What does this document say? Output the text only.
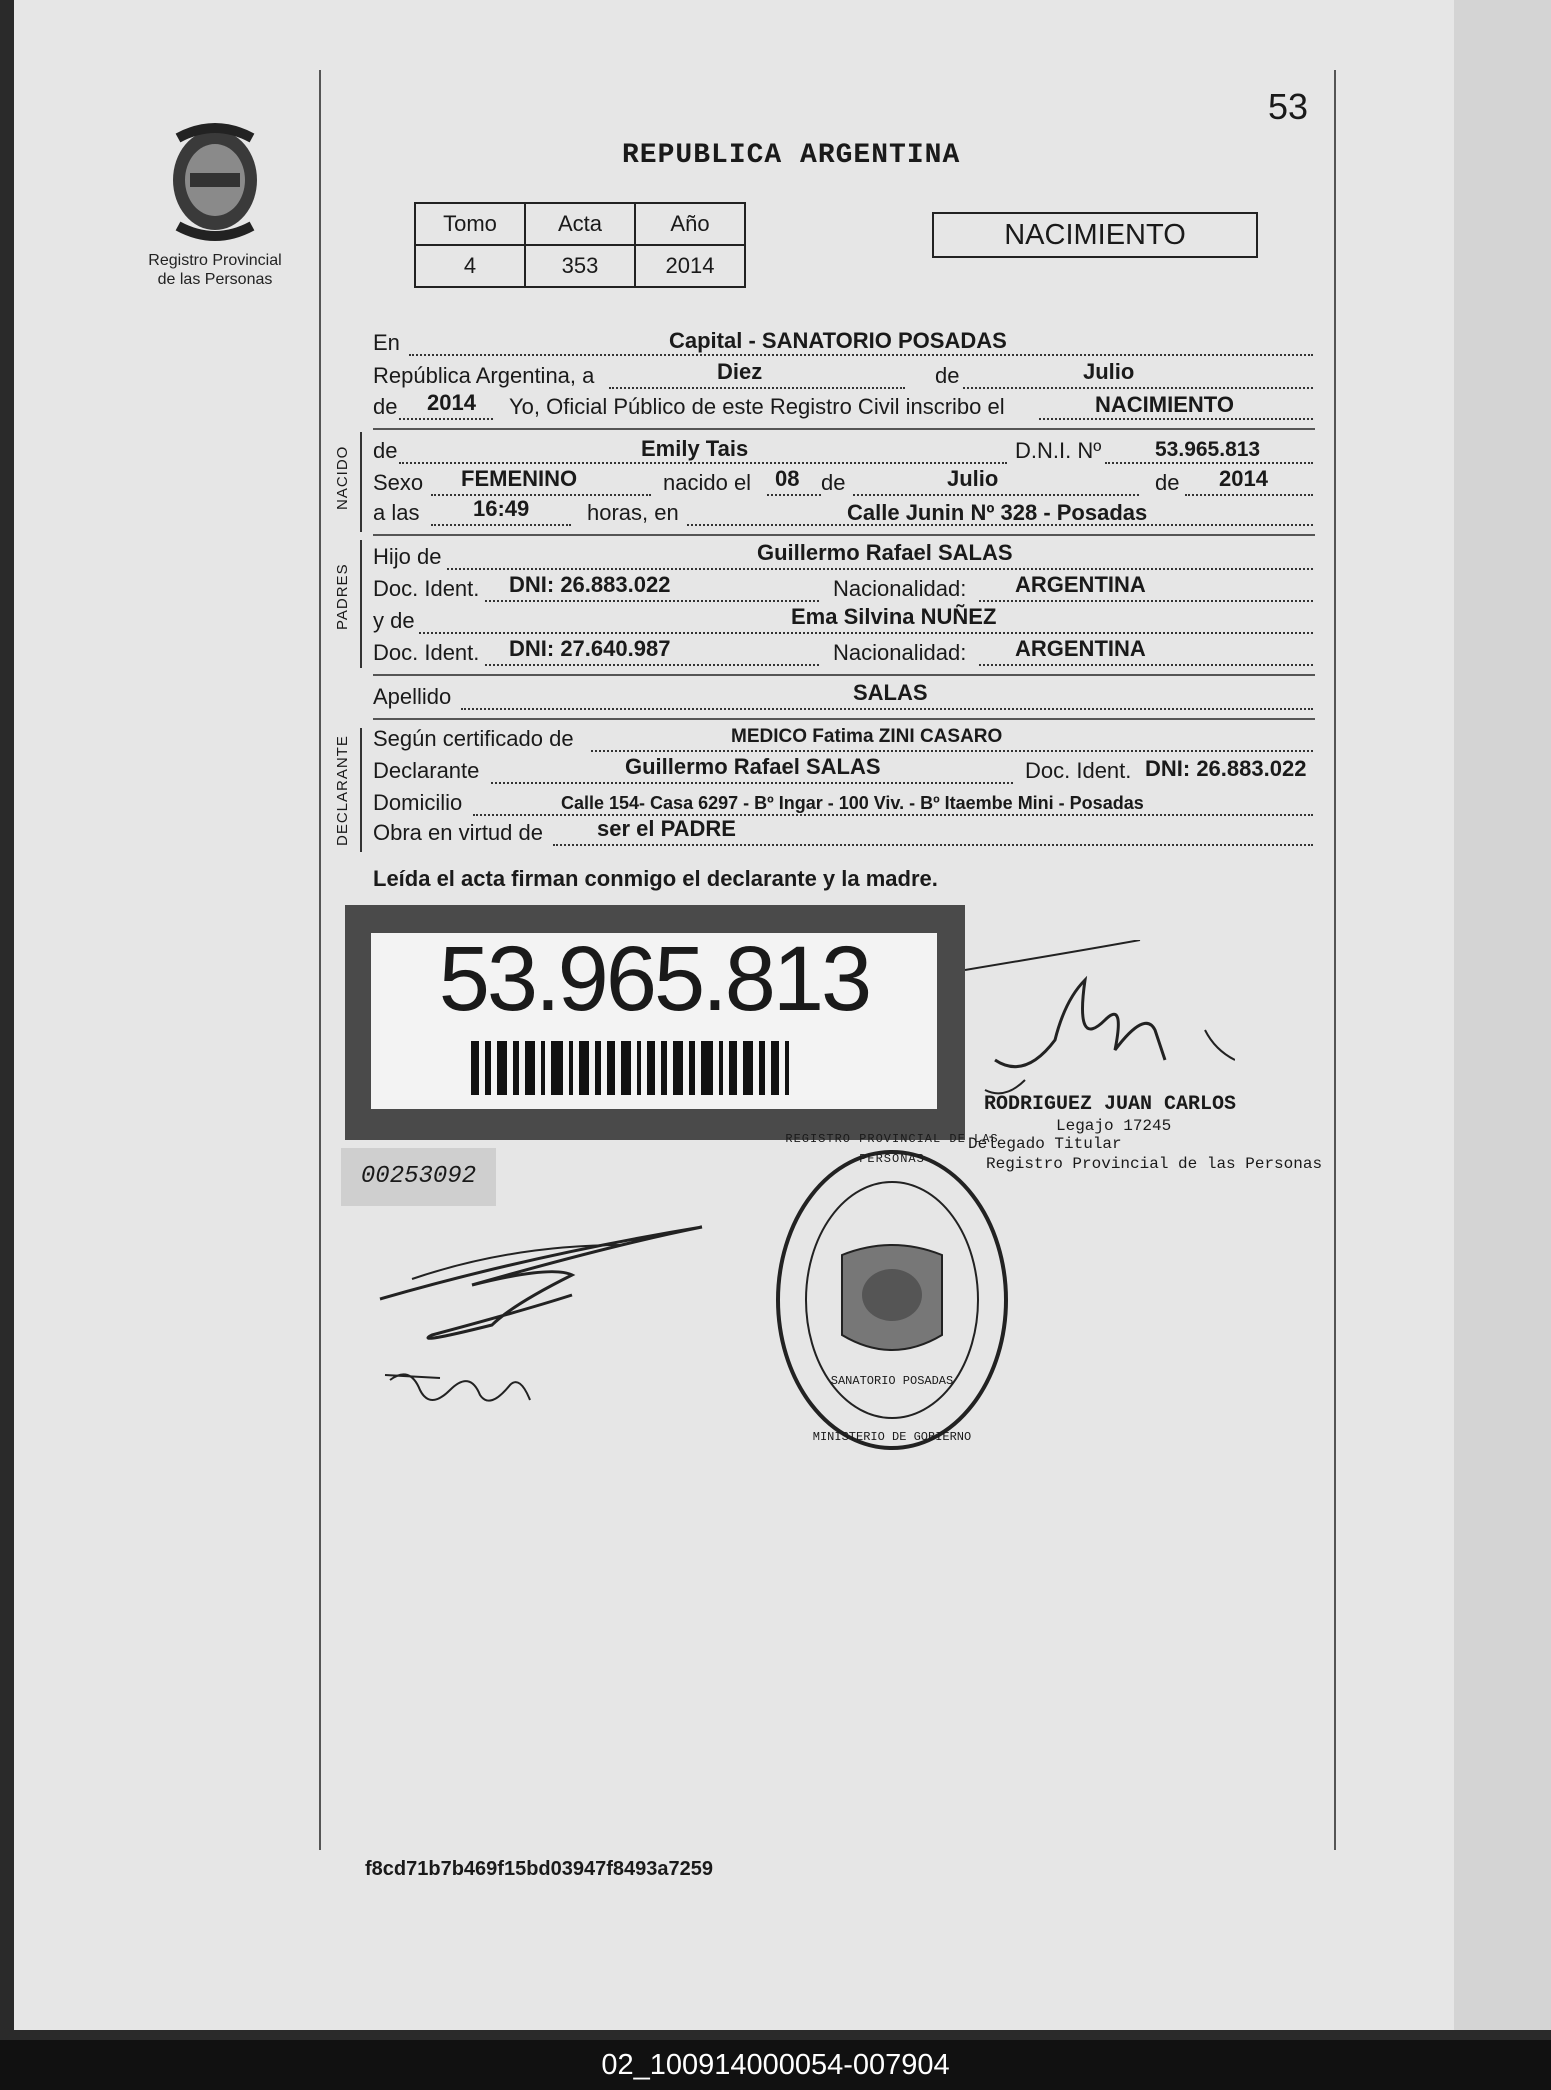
Registro Provincial
de las Personas
53
REPUBLICA ARGENTINA
Tomo	Acta	Año
4	353	2014
NACIMIENTO
En	Capital - SANATORIO POSADAS
República Argentina, a	Diez	de	Julio
de 2014 Yo, Oficial Público de este Registro Civil inscribo el	NACIMIENTO
NACIDO de	Emily Tais	D.N.I. Nº	53.965.813
Sexo FEMENINO	nacido el 08 de	Julio	de 2014
a las 16:49	horas, en	Calle Junin Nº 328 - Posadas
PADRES
Hijo de	Guillermo Rafael SALAS
Doc. Ident. DNI: 26.883.022	Nacionalidad: ARGENTINA
y de	Ema Silvina NUÑEZ
Doc. Ident. DNI: 27.640.987	Nacionalidad: ARGENTINA
Apellido	SALAS
DECLARANTE Según certificado de	MEDICO Fatima ZINI CASARO
Declarante	Guillermo Rafael SALAS	Doc. Ident. DNI: 26.883.022
Domicilio	Calle 154- Casa 6297 - Bº Ingar - 100 Viv. - Bº Itaembe Mini - Posadas
Obra en virtud de ser el PADRE
Leída el acta firman conmigo el declarante y la madre.
53.965.813
00253092
RODRIGUEZ JUAN CARLOS
Legajo 17245
Delegado Titular
Registro Provincial de las Personas
REGISTRO PROVINCIAL DE LAS PERSONAS
SANATORIO POSADAS
MINISTERIO DE GOBIERNO
f8cd71b7b469f15bd03947f8493a7259
02_100914000054-007904
